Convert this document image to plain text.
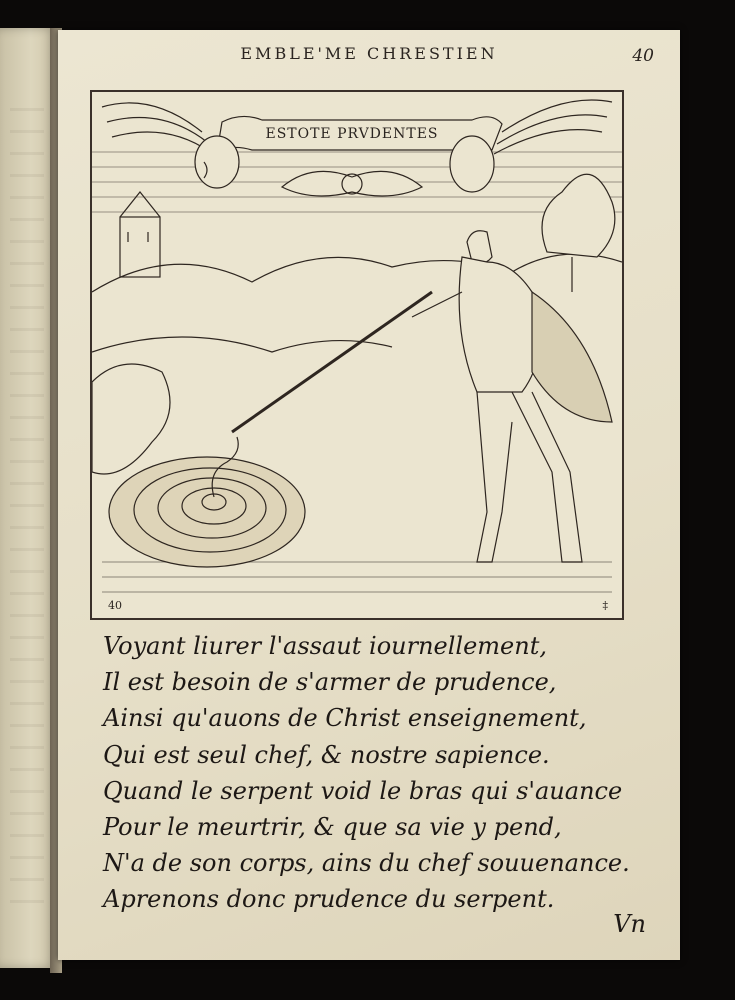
EMBLE'ME CHRESTIEN	40
ESTOTE PRVDENTES
40	‡
Voyant liurer l'assaut iournellement,
Il est besoin de s'armer de prudence,
Ainsi qu'auons de Christ enseignement,
Qui est seul chef, & nostre sapience.
Quand le serpent void le bras qui s'auance
Pour le meurtrir, & que sa vie y pend,
N'a de son corps, ains du chef souuenance.
Aprenons donc prudence du serpent.
Vn
